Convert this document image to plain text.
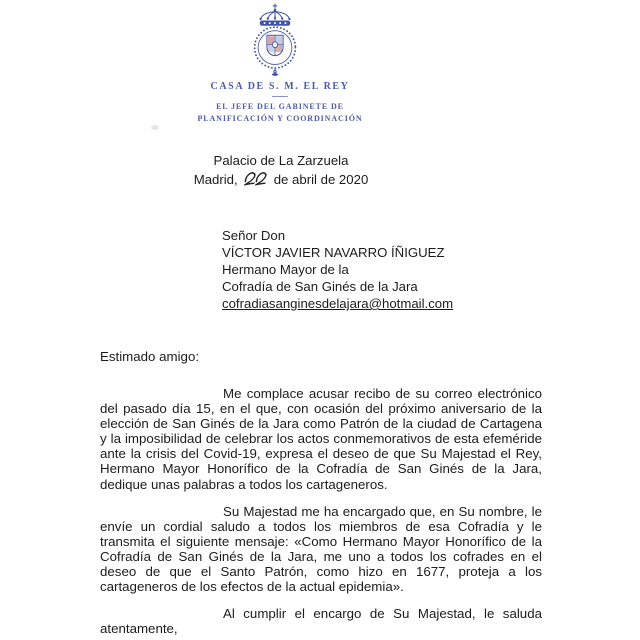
CASA DE S. M. EL REY
EL JEFE DEL GABINETE DE
PLANIFICACIÓN Y COORDINACIÓN
Palacio de La Zarzuela
Madrid,	de abril de 2020
Señor Don
VÍCTOR JAVIER NAVARRO ÍÑIGUEZ
Hermano Mayor de la
Cofradía de San Ginés de la Jara
cofradiasanginesdelajara@hotmail.com
Estimado amigo:

Me complace acusar recibo de su correo electrónico del pasado día 15, en el que, con ocasión del próximo aniversario de la elección de San Ginés de la Jara como Patrón de la ciudad de Cartagena y la imposibilidad de celebrar los actos conmemorativos de esta efeméride ante la crisis del Covid-19, expresa el deseo de que Su Majestad el Rey, Hermano Mayor Honorífico de la Cofradía de San Ginés de la Jara, dedique unas palabras a todos los cartageneros.

Su Majestad me ha encargado que, en Su nombre, le envíe un cordial saludo a todos los miembros de esa Cofradía y le transmita el siguiente mensaje: «Como Hermano Mayor Honorífico de la Cofradía de San Ginés de la Jara, me uno a todos los cofrades en el deseo de que el Santo Patrón, como hizo en 1677, proteja a los cartageneros de los efectos de la actual epidemia».

Al cumplir el encargo de Su Majestad, le saluda atentamente,
